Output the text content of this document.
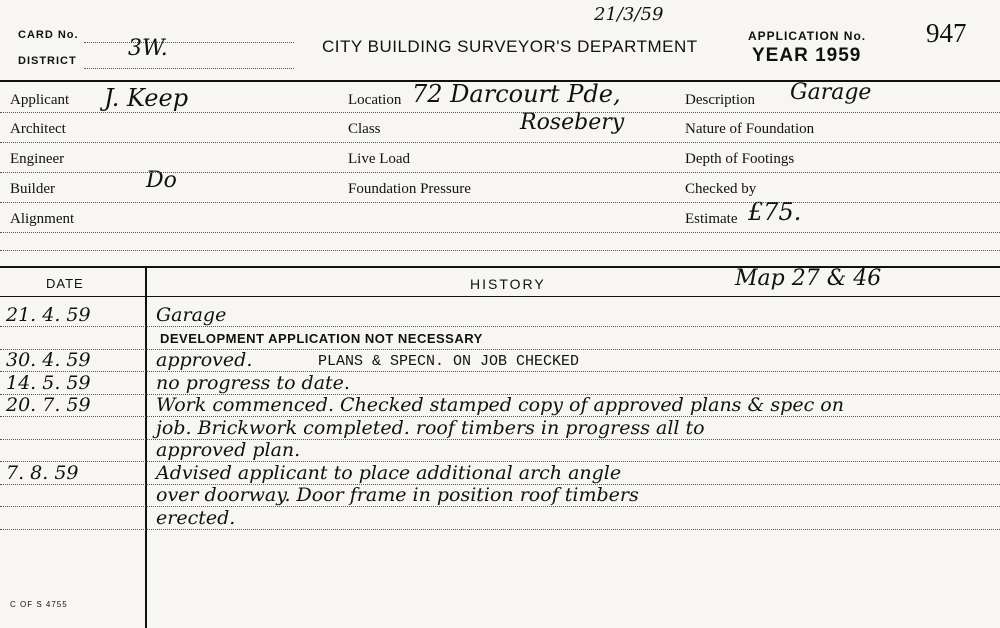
CARD No.
DISTRICT 3W.	CITY BUILDING SURVEYOR'S DEPARTMENT
21/3/59
APPLICATION No. 947
YEAR 1959
Applicant J. Keep
Architect
Engineer
Builder	Do
Alignment
Location 72 Darcourt Pde,
Class	Rosebery
Live Load
Foundation Pressure
Description Garage
Nature of Foundation
Depth of Footings
Checked by
Estimate £75.
DATE	HISTORY	Map 27 & 46
21. 4. 59	Garage
DEVELOPMENT APPLICATION NOT NECESSARY
30. 4. 59	approved.	PLANS & SPECN. ON JOB CHECKED
14. 5. 59	no progress to date.
20. 7. 59	Work commenced. Checked stamped copy of approved plans & spec on
job. Brickwork completed. roof timbers in progress all to
approved plan.
7. 8. 59	Advised applicant to place additional arch angle
over doorway. Door frame in position roof timbers
erected.
C OF S 4755
